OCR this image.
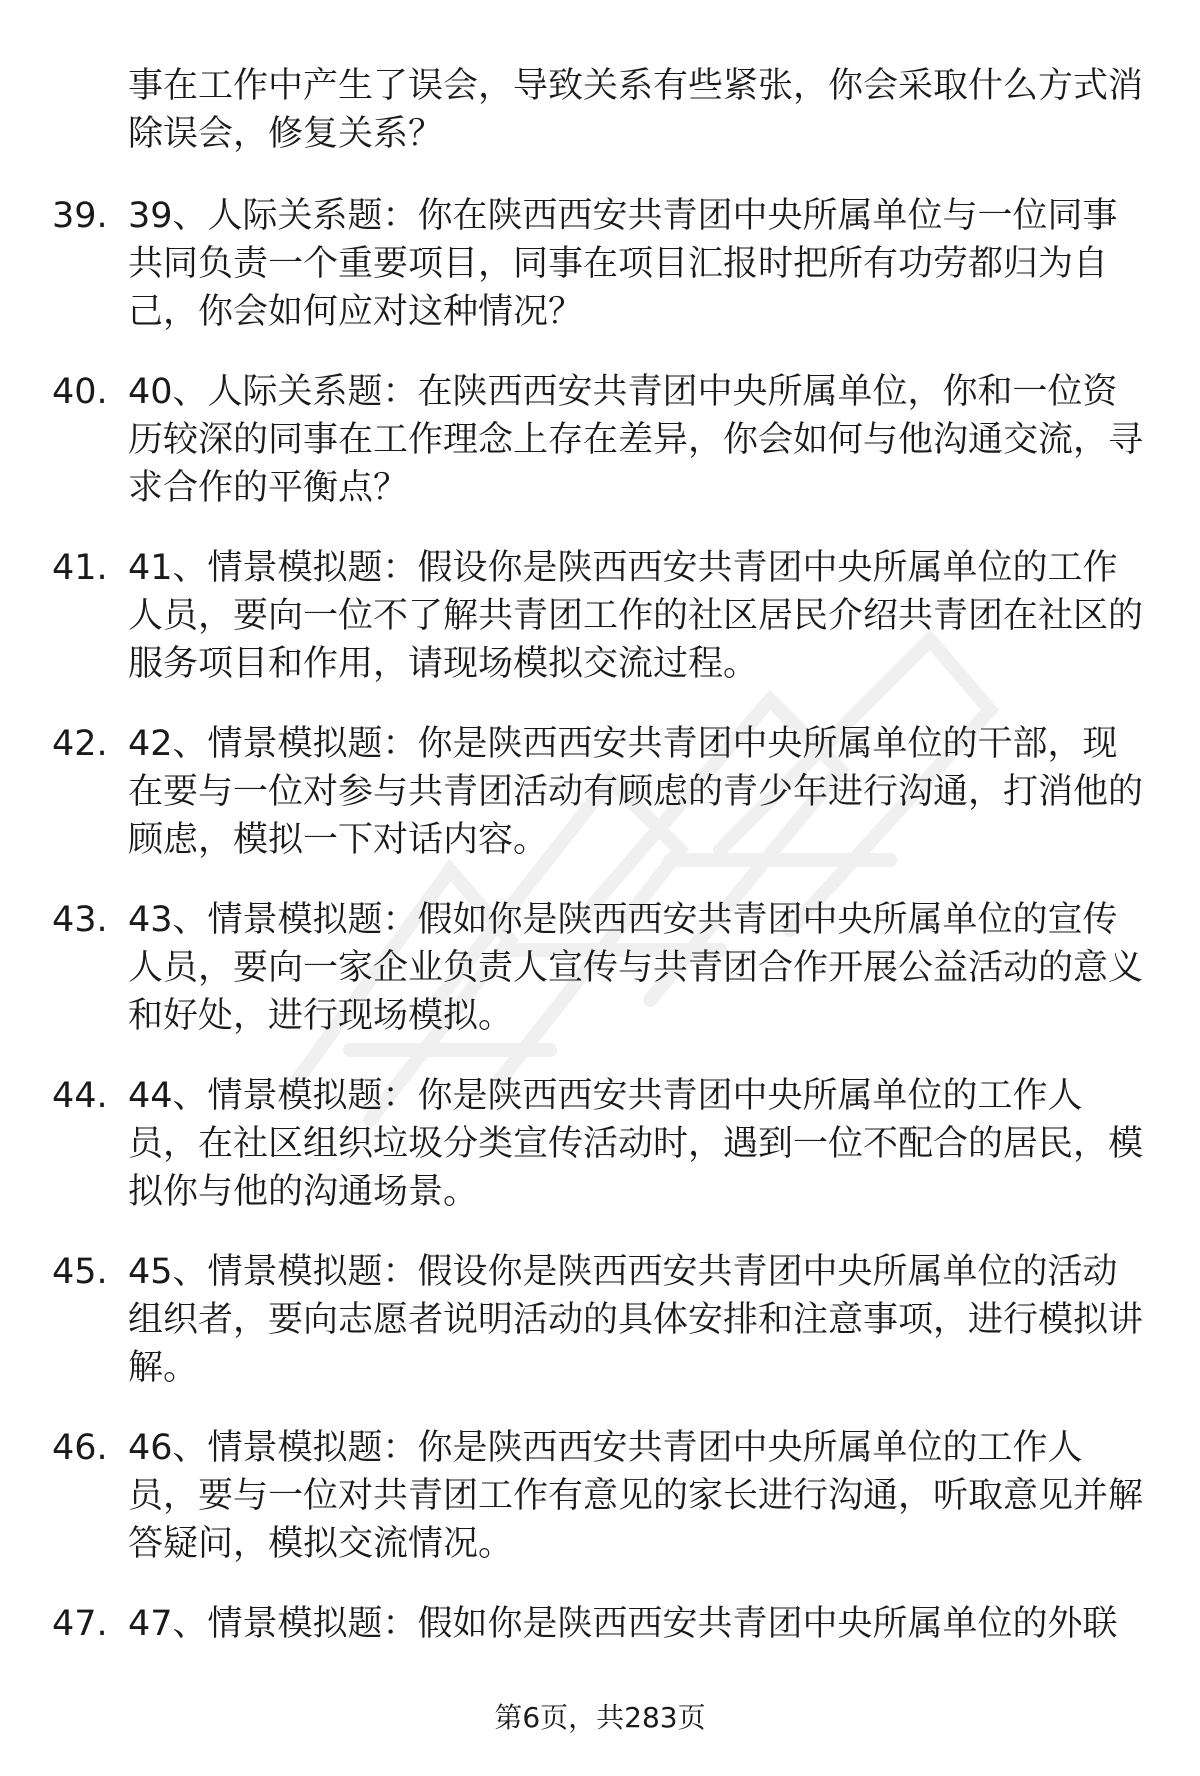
事在工作中产生了误会，导致关系有些紧张，你会采取什么方式消除误会，修复关系？

39. 39、人际关系题：你在陕西西安共青团中央所属单位与一位同事共同负责一个重要项目，同事在项目汇报时把所有功劳都归为自己，你会如何应对这种情况？

40. 40、人际关系题：在陕西西安共青团中央所属单位，你和一位资历较深的同事在工作理念上存在差异，你会如何与他沟通交流，寻求合作的平衡点？

41. 41、情景模拟题：假设你是陕西西安共青团中央所属单位的工作人员，要向一位不了解共青团工作的社区居民介绍共青团在社区的服务项目和作用，请现场模拟交流过程。

42. 42、情景模拟题：你是陕西西安共青团中央所属单位的干部，现在要与一位对参与共青团活动有顾虑的青少年进行沟通，打消他的顾虑，模拟一下对话内容。

43. 43、情景模拟题：假如你是陕西西安共青团中央所属单位的宣传人员，要向一家企业负责人宣传与共青团合作开展公益活动的意义和好处，进行现场模拟。

44. 44、情景模拟题：你是陕西西安共青团中央所属单位的工作人员，在社区组织垃圾分类宣传活动时，遇到一位不配合的居民，模拟你与他的沟通场景。

45. 45、情景模拟题：假设你是陕西西安共青团中央所属单位的活动组织者，要向志愿者说明活动的具体安排和注意事项，进行模拟讲解。

46. 46、情景模拟题：你是陕西西安共青团中央所属单位的工作人员，要与一位对共青团工作有意见的家长进行沟通，听取意见并解答疑问，模拟交流情况。

47. 47、情景模拟题：假如你是陕西西安共青团中央所属单位的外联

第6页，共283页
